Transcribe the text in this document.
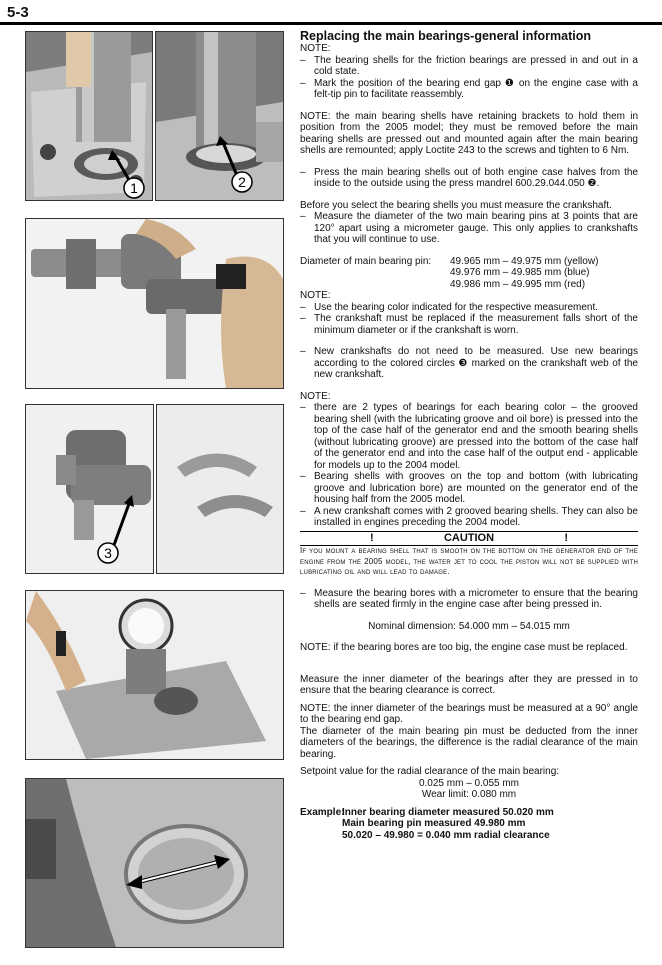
5-3
1	2
3

Replacing the main bearings-general information

NOTE:

– The bearing shells for the friction bearings are pressed in and out in a cold state.
– Mark the position of the bearing end gap ❶ on the engine case with a felt-tip pin to facilitate reassembly.

NOTE: the main bearing shells have retaining brackets to hold them in position from the 2005 model; they must be removed before the main bearing shells are pressed out and mounted again after the main bearing shells are remounted; apply Loctite 243 to the screws and tighten to 6 Nm.

– Press the main bearing shells out of both engine case halves from the inside to the outside using the press mandrel 600.29.044.050 ❷.

Before you select the bearing shells you must measure the crankshaft.

– Measure the diameter of the two main bearing pins at 3 points that are 120° apart using a micrometer gauge. This only applies to crankshafts that you will continue to use.
Diameter of main bearing pin:	49.965 mm – 49.975 mm (yellow)
49.976 mm – 49.985 mm (blue)
49.986 mm – 49.995 mm (red)

NOTE:

– Use the bearing color indicated for the respective measurement.
– The crankshaft must be replaced if the measurement falls short of the minimum diameter or if the crankshaft is worn.
– New crankshafts do not need to be measured. Use new bearings according to the colored circles ❸ marked on the crankshaft web of the new crankshaft.

NOTE:

– there are 2 types of bearings for each bearing color – the grooved bearing shell (with the lubricating groove and oil bore) is pressed into the top of the case half of the generator end and the smooth bearing shells (without lubricating groove) are pressed into the bottom of the case half of the generator end and into the case half of the output end - applicable for models up to the 2004 model.
– Bearing shells with grooves on the top and bottom (with lubricating groove and lubrication bore) are mounted on the generator end of the housing half from the 2005 model.
– A new crankshaft comes with 2 grooved bearing shells. They can also be installed in engines preceding the 2004 model.
!	CAUTION	!

If you mount a bearing shell that is smooth on the bottom on the generator end of the engine from the 2005 model, the water jet to cool the piston will not be supplied with lubricating oil and will lead to damage.

– Measure the bearing bores with a micrometer to ensure that the bearing shells are seated firmly in the engine case after being pressed in.

Nominal dimension: 54.000 mm – 54.015 mm

NOTE: if the bearing bores are too big, the engine case must be replaced.

Measure the inner diameter of the bearings after they are pressed in to ensure that the bearing clearance is correct.

NOTE: the inner diameter of the bearings must be measured at a 90° angle to the bearing end gap.

The diameter of the main bearing pin must be deducted from the inner diameters of the bearings, the difference is the radial clearance of the main bearing.

Setpoint value for the radial clearance of the main bearing:

0.025 mm – 0.055 mm

Wear limit: 0.080 mm

Example:
Inner bearing diameter measured 50.020 mm
Main bearing pin measured 49.980 mm
50.020 – 49.980 = 0.040 mm radial clearance
